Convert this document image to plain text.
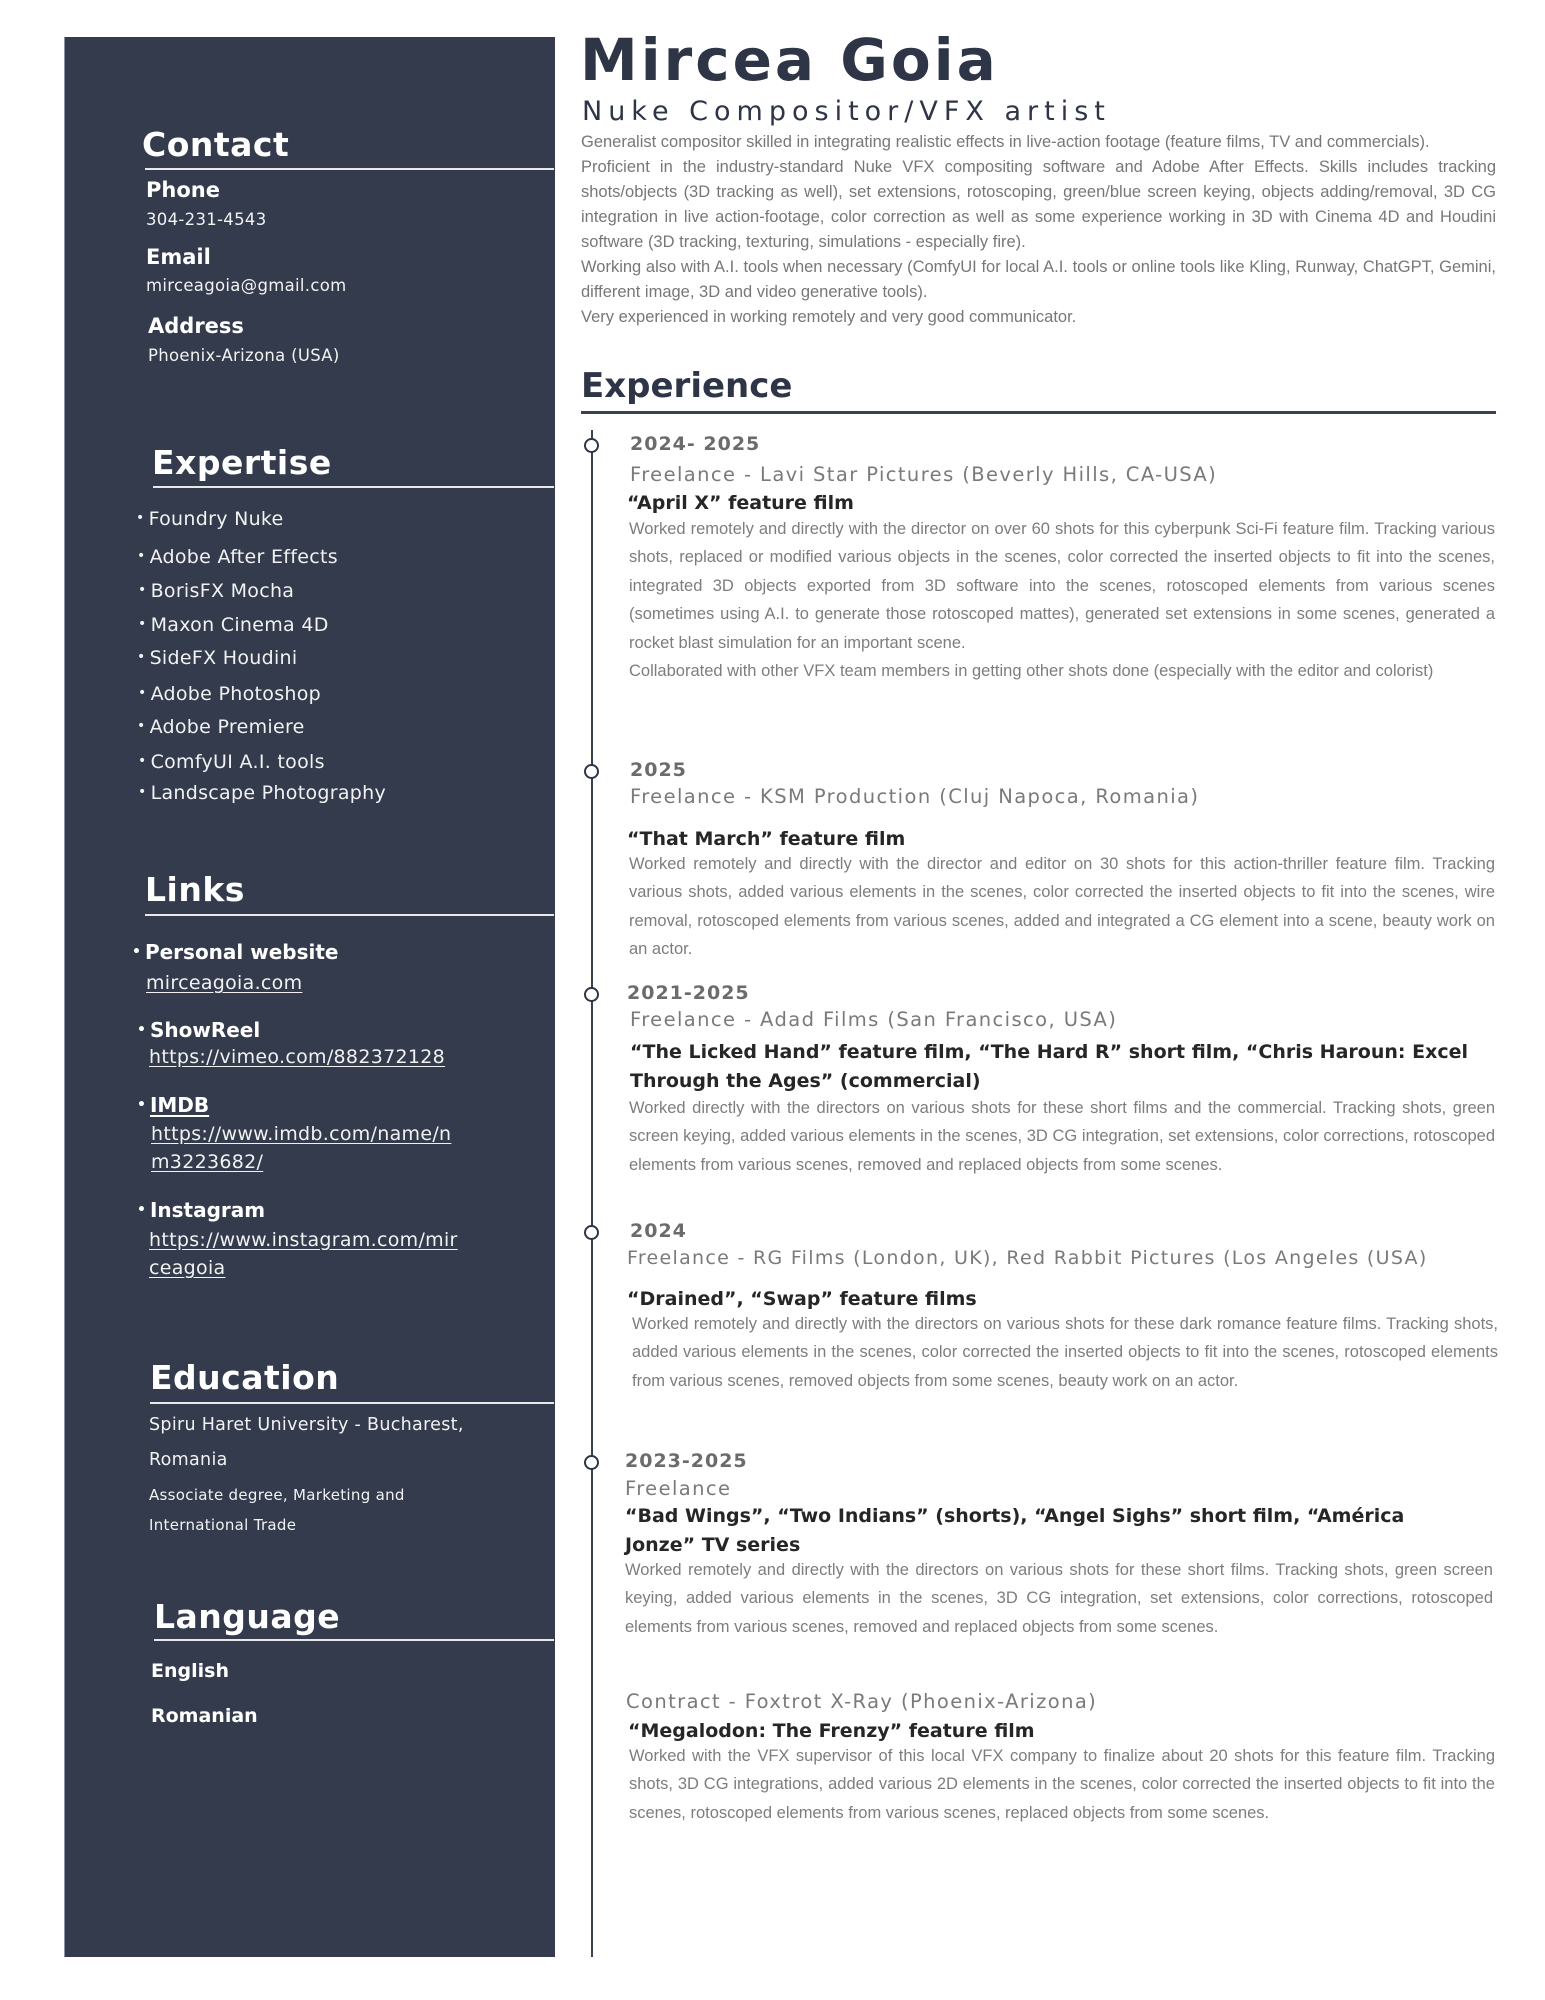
Contact
Phone
304-231-4543
Email
mirceagoia@gmail.com
Address
Phoenix-Arizona (USA)
Expertise
• Foundry Nuke
• Adobe After Effects
• BorisFX Mocha
• Maxon Cinema 4D
• SideFX Houdini
• Adobe Photoshop
• Adobe Premiere
• ComfyUI A.I. tools
• Landscape Photography
Links
• Personal website
mirceagoia.com
• ShowReel
https://vimeo.com/882372128
• IMDB
https://www.imdb.com/name/n
m3223682/
• Instagram
https://www.instagram.com/mir
ceagoia
Education
Spiru Haret University - Bucharest,
Romania
Associate degree, Marketing and
International Trade
Language
English
Romanian
Mircea Goia
Nuke Compositor/VFX artist

Generalist compositor skilled in integrating realistic effects in live-action footage (feature films, TV and commercials).

Proficient in the industry-standard Nuke VFX compositing software and Adobe After Effects. Skills includes tracking shots/objects (3D tracking as well), set extensions, rotoscoping, green/blue screen keying, objects adding/removal, 3D CG integration in live action-footage, color correction as well as some experience working in 3D with Cinema 4D and Houdini software (3D tracking, texturing, simulations - especially fire).

Working also with A.I. tools when necessary (ComfyUI for local A.I. tools or online tools like Kling, Runway, ChatGPT, Gemini, different image, 3D and video generative tools).

Very experienced in working remotely and very good communicator.

Experience
2024- 2025
Freelance - Lavi Star Pictures (Beverly Hills, CA-USA)
“April X” feature film

Worked remotely and directly with the director on over 60 shots for this cyberpunk Sci-Fi feature film. Tracking various shots, replaced or modified various objects in the scenes, color corrected the inserted objects to fit into the scenes, integrated 3D objects exported from 3D software into the scenes, rotoscoped elements from various scenes (sometimes using A.I. to generate those rotoscoped mattes), generated set extensions in some scenes, generated a rocket blast simulation for an important scene.

Collaborated with other VFX team members in getting other shots done (especially with the editor and colorist)

2025
Freelance - KSM Production (Cluj Napoca, Romania)
“That March” feature film

Worked remotely and directly with the director and editor on 30 shots for this action-thriller feature film. Tracking various shots, added various elements in the scenes, color corrected the inserted objects to fit into the scenes, wire removal, rotoscoped elements from various scenes, added and integrated a CG element into a scene, beauty work on an actor.

2021-2025
Freelance - Adad Films (San Francisco, USA)
“The Licked Hand” feature film, “The Hard R” short film, “Chris Haroun: Excel Through the Ages” (commercial)

Worked directly with the directors on various shots for these short films and the commercial. Tracking shots, green screen keying, added various elements in the scenes, 3D CG integration, set extensions, color corrections, rotoscoped elements from various scenes, removed and replaced objects from some scenes.

2024
Freelance - RG Films (London, UK), Red Rabbit Pictures (Los Angeles (USA)
“Drained”, “Swap” feature films

Worked remotely and directly with the directors on various shots for these dark romance feature films. Tracking shots, added various elements in the scenes, color corrected the inserted objects to fit into the scenes, rotoscoped elements from various scenes, removed objects from some scenes, beauty work on an actor.

2023-2025
Freelance
“Bad Wings”, “Two Indians” (shorts), “Angel Sighs” short film, “América Jonze” TV series

Worked remotely and directly with the directors on various shots for these short films. Tracking shots, green screen keying, added various elements in the scenes, 3D CG integration, set extensions, color corrections, rotoscoped elements from various scenes, removed and replaced objects from some scenes.

Contract - Foxtrot X-Ray (Phoenix-Arizona)
“Megalodon: The Frenzy” feature film

Worked with the VFX supervisor of this local VFX company to finalize about 20 shots for this feature film. Tracking shots, 3D CG integrations, added various 2D elements in the scenes, color corrected the inserted objects to fit into the scenes, rotoscoped elements from various scenes, replaced objects from some scenes.
